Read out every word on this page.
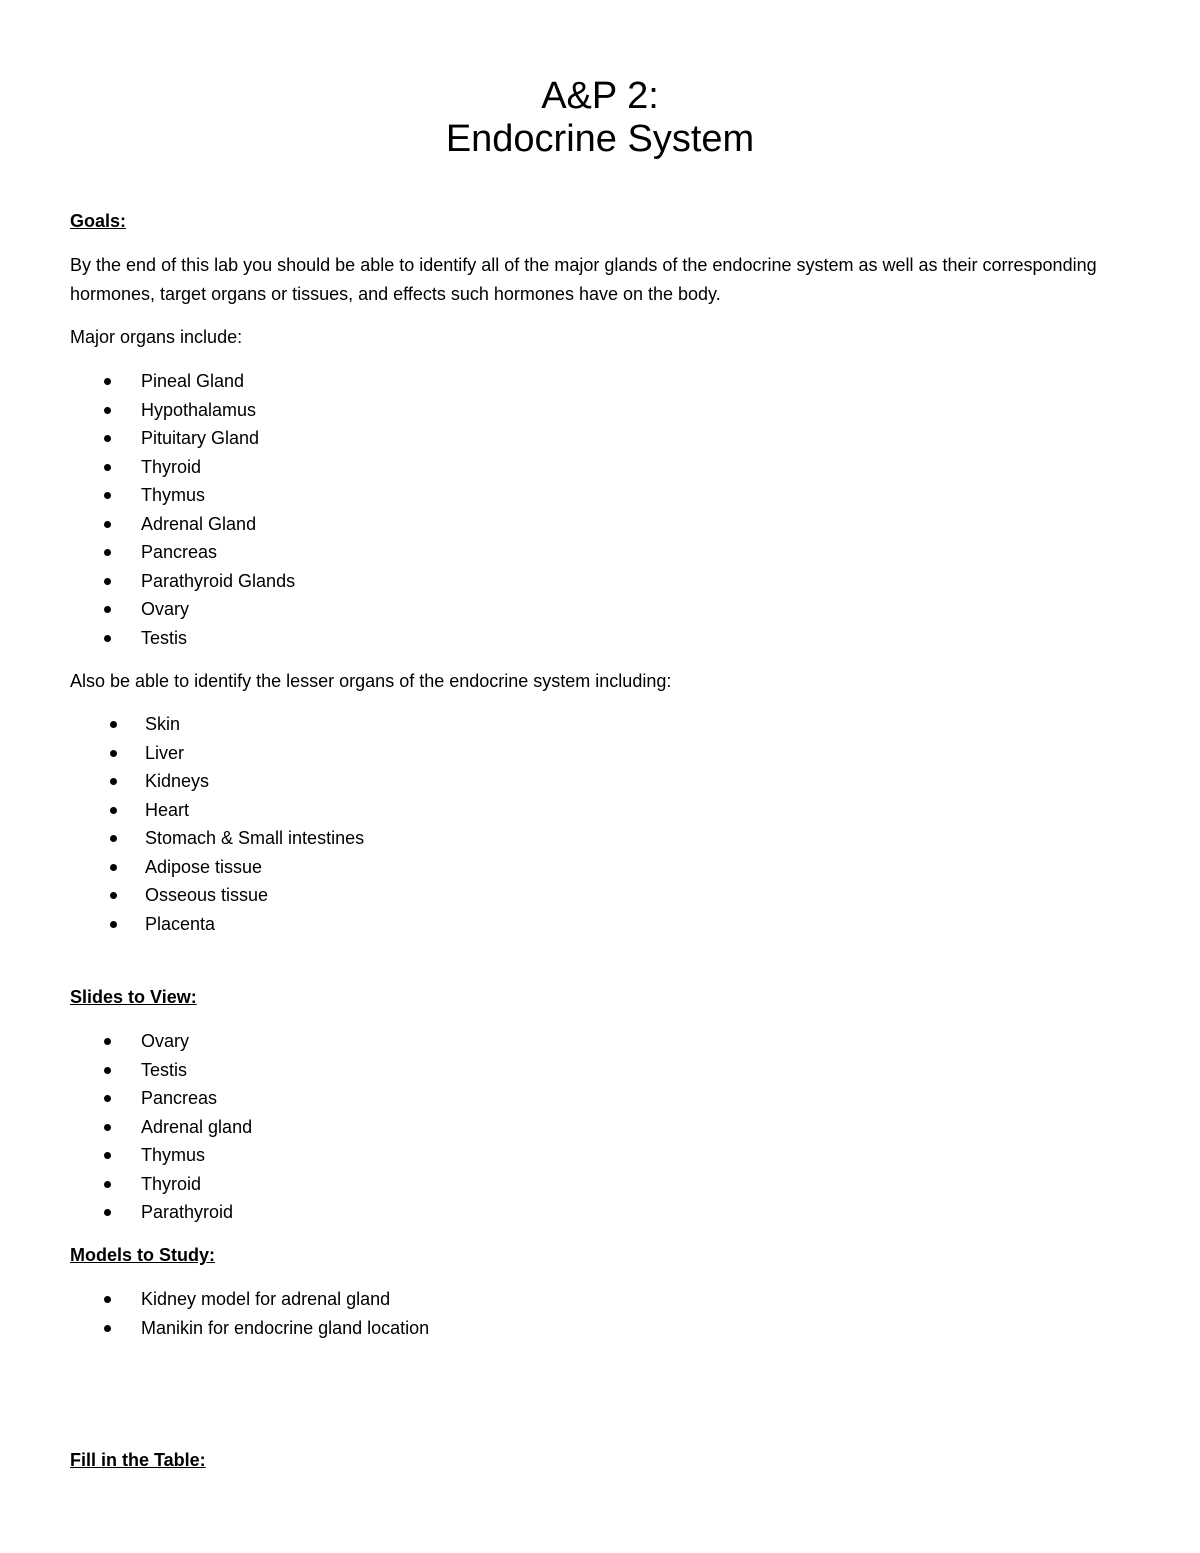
A&P 2:
Endocrine System

Goals:

By the end of this lab you should be able to identify all of the major glands of the endocrine system as well as their corresponding hormones, target organs or tissues, and effects such hormones have on the body.

Major organs include:

Pineal Gland
Hypothalamus
Pituitary Gland
Thyroid
Thymus
Adrenal Gland
Pancreas
Parathyroid Glands
Ovary
Testis

Also be able to identify the lesser organs of the endocrine system including:

Skin
Liver
Kidneys
Heart
Stomach & Small intestines
Adipose tissue
Osseous tissue
Placenta

Slides to View:

Ovary
Testis
Pancreas
Adrenal gland
Thymus
Thyroid
Parathyroid

Models to Study:

Kidney model for adrenal gland
Manikin for endocrine gland location

Fill in the Table:
